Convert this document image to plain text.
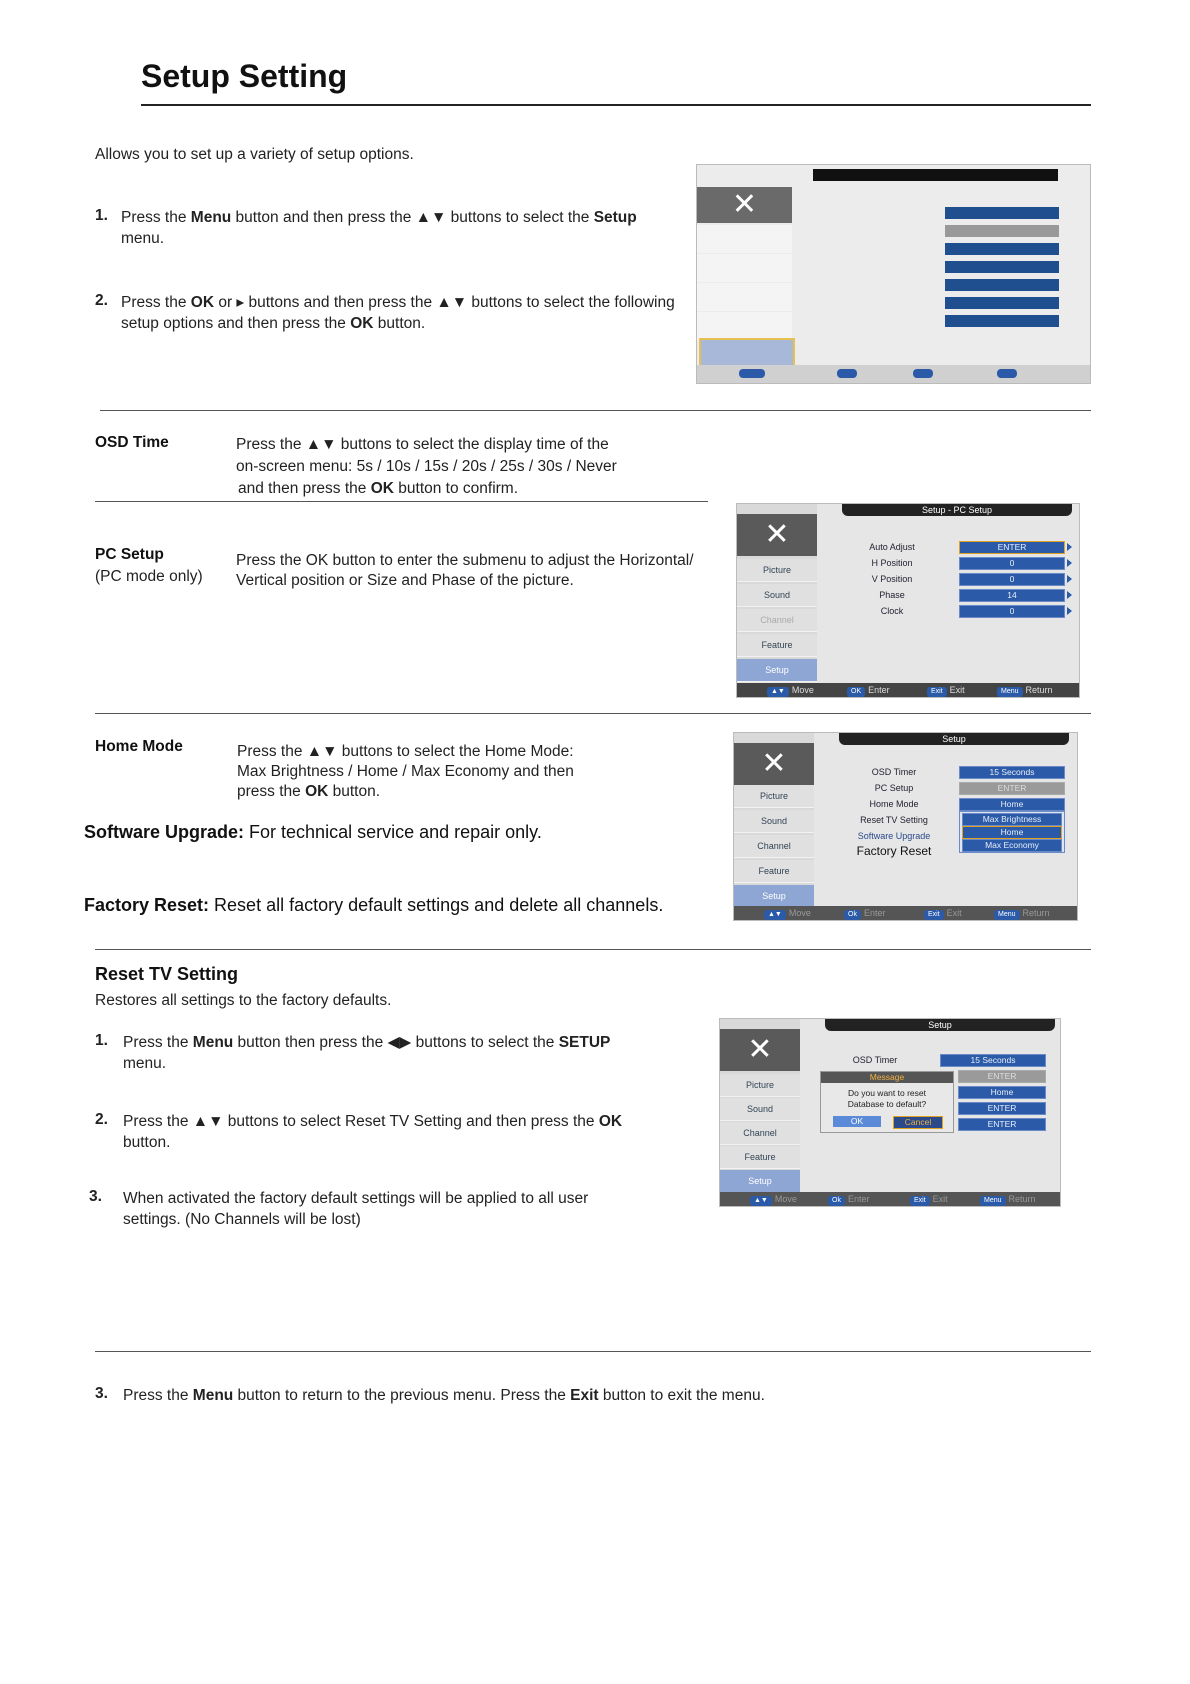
Setup Setting
Allows you to set up a variety of setup options.
1. Press the Menu button and then press the ▲▼ buttons to select the Setup menu.
2. Press the OK or ▸ buttons and then press the ▲▼ buttons to select the following setup options and then press the OK button.
✕
OSD Time	Press the ▲▼ buttons to select the display time of the
on-screen menu: 5s / 10s / 15s / 20s / 25s / 30s / Never
and then press the OK button to confirm.
PC Setup
(PC mode only)
Press the OK button to enter the submenu to adjust the Horizontal/
Vertical position or Size and Phase of the picture.
✕
Picture
Sound
Channel
Feature
Setup
Setup - PC Setup
Auto Adjust	ENTER
H Position	0
V Position	0
Phase	14
Clock	0
▲▼ Move	OK Enter	Exit Exit	Menu Return
Home Mode	Press the ▲▼ buttons to select the Home Mode:
Max Brightness / Home / Max Economy and then
press the OK button.
Software Upgrade: For technical service and repair only.
Factory Reset: Reset all factory default settings and delete all channels.
✕
Picture
Sound
Channel
Feature
Setup
Setup
OSD Timer	15 Seconds
PC Setup	ENTER
Home Mode	Home
Reset TV Setting	Max Brightness
Home
Max Economy
Software Upgrade
Factory Reset
▲▼ Move	Ok Enter	Exit Exit	Menu Return
Reset TV Setting
Restores all settings to the factory defaults.
1. Press the Menu button then press the ◀▶ buttons to select the SETUP menu.
2. Press the ▲▼ buttons to select Reset TV Setting and then press the OK button.
3. When activated the factory default settings will be applied to all user settings. (No Channels will be lost)
✕
Picture
Sound
Channel
Feature
Setup
Setup
OSD Timer	15 Seconds
ENTER
Home
ENTER
ENTER
Message
Do you want to reset
Database to default?
OK	Cancel
▲▼ Move	Ok Enter	Exit Exit	Menu Return
3. Press the Menu button to return to the previous menu. Press the Exit button to exit the menu.
